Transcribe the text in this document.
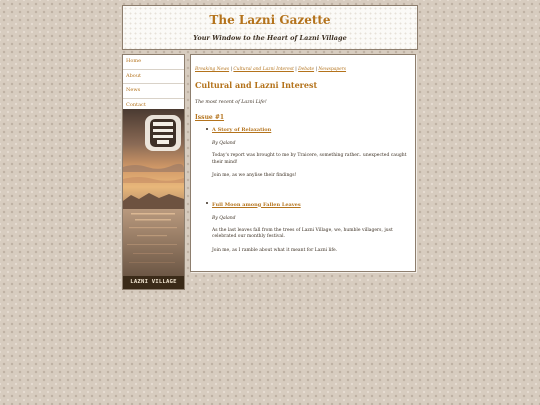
The Lazni Gazette

Your Window to the Heart of Lazni Village

Home
About
News
Contact
LAZNI VILLAGE
Breaking News | Cultural and Lazni Interest | Debate | Newspapers
Cultural and Lazni Interest

The most recent of Lazni Life!

Issue #1
A Story of Relaxation
By Qaland
Today's report was brought to me by Traicere, something rather.. unexpected caught their mind!
Join me, as we anylise their findings!
Full Moon among Fallen Leaves
By Qaland
As the last leaves fall from the trees of Lazni Village, we, humble villagers, just celebrated our monthly festival.
Join me, as I ramble about what it meant for Lazni life.
